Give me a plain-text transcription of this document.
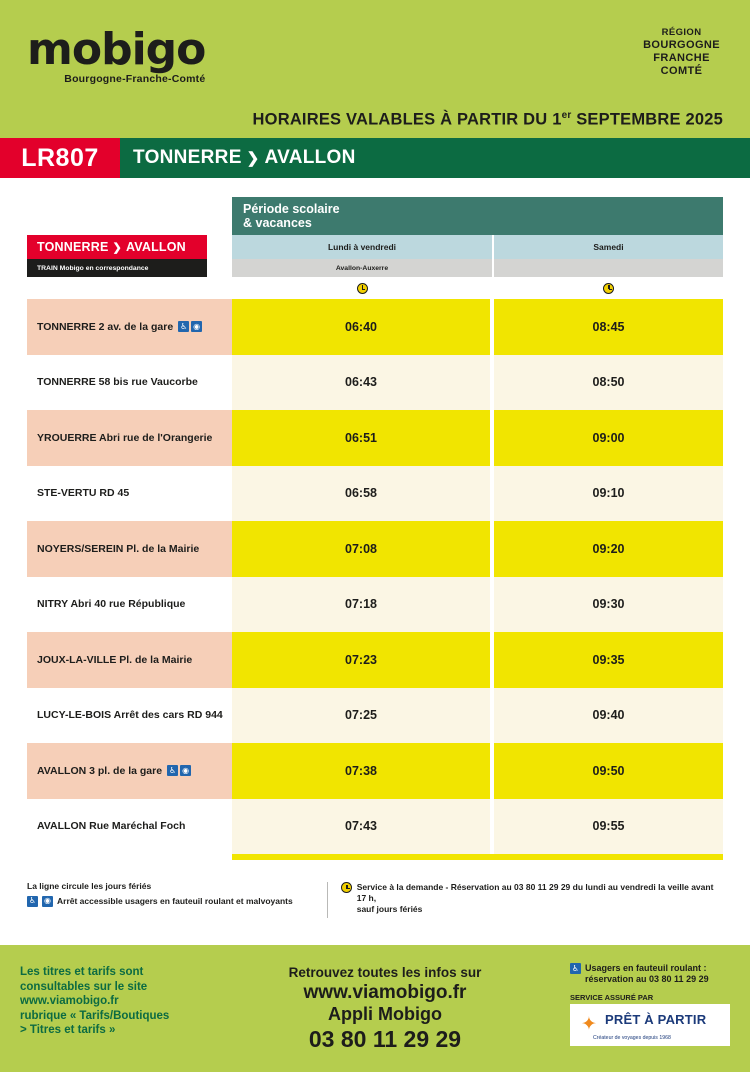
mobigo
Bourgogne-Franche-Comté
RÉGION
BOURGOGNE
FRANCHE
COMTÉ
HORAIRES VALABLES À PARTIR DU 1er SEPTEMBRE 2025
LR807	TONNERRE ❯ AVALLON
Période scolaire
& vacances
TONNERRE ❯ AVALLON	Lundi à vendredi	Samedi
TRAIN Mobigo en correspondance	Avallon-Auxerre
TONNERRE 2 av. de la gare ♿ ◉	06:40	08:45
TONNERRE 58 bis rue Vaucorbe	06:43	08:50
YROUERRE Abri rue de l'Orangerie	06:51	09:00
STE-VERTU RD 45	06:58	09:10
NOYERS/SEREIN Pl. de la Mairie	07:08	09:20
NITRY Abri 40 rue République	07:18	09:30
JOUX-LA-VILLE Pl. de la Mairie	07:23	09:35
LUCY-LE-BOIS Arrêt des cars RD 944	07:25	09:40
AVALLON 3 pl. de la gare ♿ ◉	07:38	09:50
AVALLON Rue Maréchal Foch	07:43	09:55
La ligne circule les jours fériés
♿ ◉ Arrêt accessible usagers en fauteuil roulant et malvoyants
Service à la demande - Réservation au 03 80 11 29 29 du lundi au vendredi la veille avant 17 h,
sauf jours fériés
Les titres et tarifs sont
consultables sur le site
www.viamobigo.fr
rubrique « Tarifs/Boutiques
> Titres et tarifs »
Retrouvez toutes les infos sur
www.viamobigo.fr
Appli Mobigo
03 80 11 29 29
♿ Usagers en fauteuil roulant :
réservation au 03 80 11 29 29
SERVICE ASSURÉ PAR
✦ PRÊT À PARTIR
Créateur de voyages depuis 1968
